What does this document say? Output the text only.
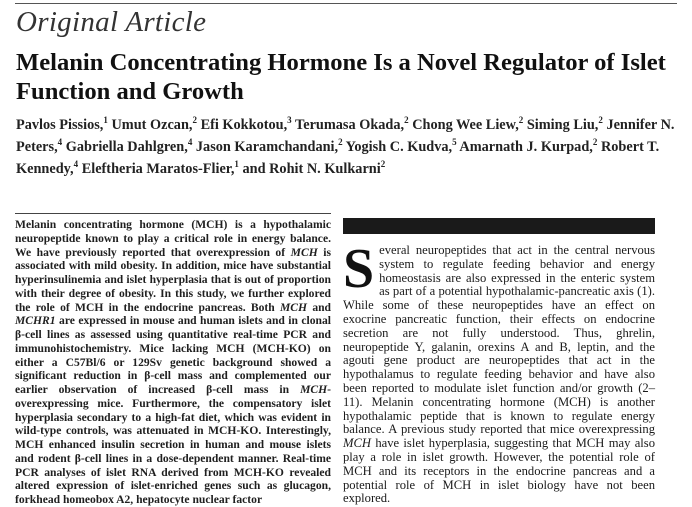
Original Article
Melanin Concentrating Hormone Is a Novel Regulator of Islet Function and Growth
Pavlos Pissios,$^1$ Umut Ozcan,$^2$ Efi Kokkotou,$^3$ Terumasa Okada,$^2$ Chong Wee Liew,$^2$ Siming Liu,$^2$ Jennifer N. Peters,$^4$ Gabriella Dahlgren,$^4$ Jason Karamchandani,$^2$ Yogish C. Kudva,$^5$ Amarnath J. Kurpad,$^2$ Robert T. Kennedy,$^4$ Eleftheria Maratos-Flier,$^1$ and Rohit N. Kulkarni$^2$
Melanin concentrating hormone (MCH) is a hypothalamic neuropeptide known to play a critical role in energy balance. We have previously reported that overexpression of MCH is associated with mild obesity. In addition, mice have substantial hyperinsulinemia and islet hyperplasia that is out of proportion with their degree of obesity. In this study, we further explored the role of MCH in the endocrine pancreas. Both MCH and MCHR1 are expressed in mouse and human islets and in clonal β-cell lines as assessed using quantitative real-time PCR and immunohistochemistry. Mice lacking MCH (MCH-KO) on either a C57Bl/6 or 129Sv genetic background showed a significant reduction in β-cell mass and complemented our earlier observation of increased β-cell mass in MCH-overexpressing mice. Furthermore, the compensatory islet hyperplasia secondary to a high-fat diet, which was evident in wild-type controls, was attenuated in MCH-KO. Interestingly, MCH enhanced insulin secretion in human and mouse islets and rodent β-cell lines in a dose-dependent manner. Real-time PCR analyses of islet RNA derived from MCH-KO revealed altered expression of islet-enriched genes such as glucagon, forkhead homeobox A2, hepatocyte nuclear factor
S everal neuropeptides that act in the central nervous system to regulate feeding behavior and energy homeostasis are also expressed in the enteric system as part of a potential hypothalamic-pancreatic axis (1). While some of these neuropeptides have an effect on exocrine pancreatic function, their effects on endocrine secretion are not fully understood. Thus, ghrelin, neuropeptide Y, galanin, orexins A and B, leptin, and the agouti gene product are neuropeptides that act in the hypothalamus to regulate feeding behavior and have also been reported to modulate islet function and/or growth (2–11). Melanin concentrating hormone (MCH) is another hypothalamic peptide that is known to regulate energy balance. A previous study reported that mice overexpressing MCH have islet hyperplasia, suggesting that MCH may also play a role in islet growth. However, the potential role of MCH and its receptors in the endocrine pancreas and a potential role of MCH in islet biology have not been explored.
